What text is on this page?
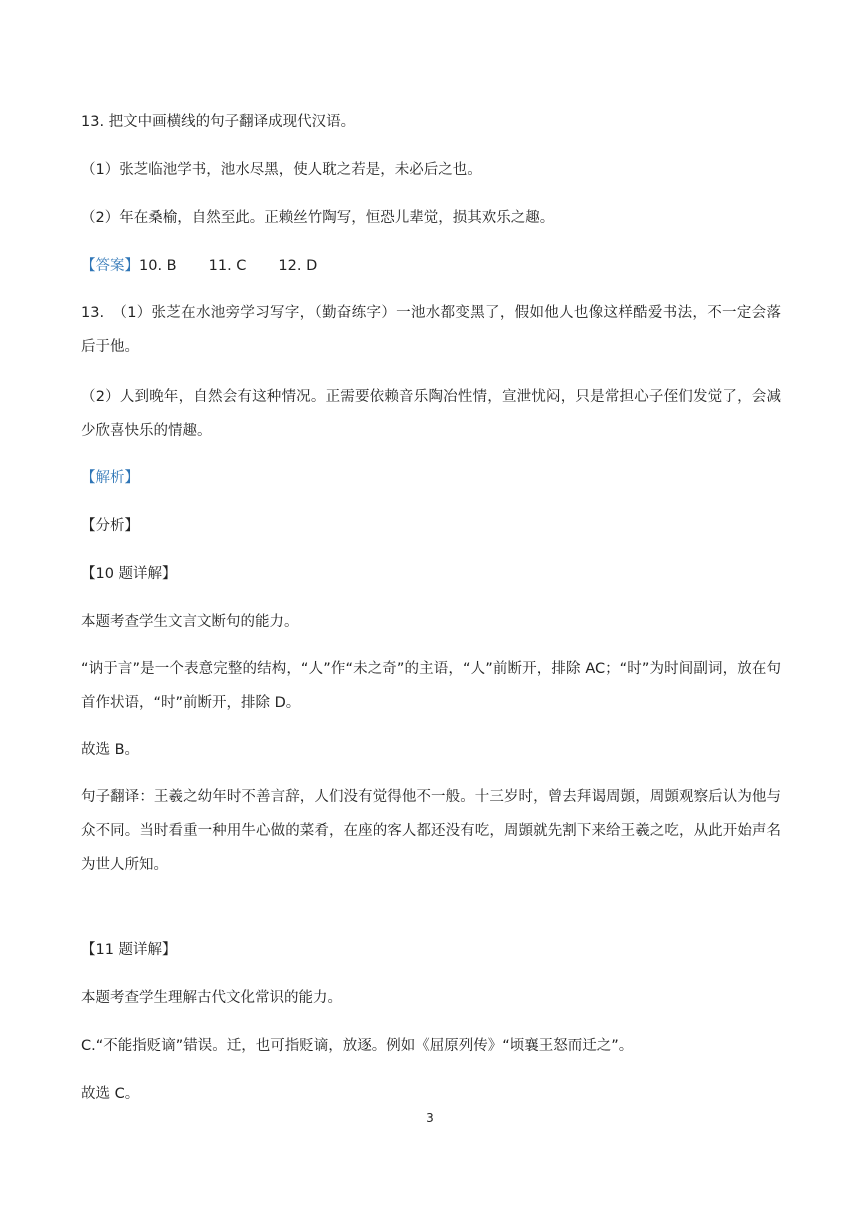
13. 把文中画横线的句子翻译成现代汉语。
（1）张芝临池学书，池水尽黑，使人耽之若是，未必后之也。
（2）年在桑榆，自然至此。正赖丝竹陶写，恒恐儿辈觉，损其欢乐之趣。
【答案】10. B 11. C 12. D
13. （1）张芝在水池旁学习写字，（勤奋练字）一池水都变黑了，假如他人也像这样酷爱书法，不一定会落后于他。
（2）人到晚年，自然会有这种情况。正需要依赖音乐陶冶性情，宣泄忧闷，只是常担心子侄们发觉了，会减少欣喜快乐的情趣。
【解析】
【分析】
【10 题详解】
本题考查学生文言文断句的能力。
“讷于言”是一个表意完整的结构，“人”作“未之奇”的主语，“人”前断开，排除 AC；“时”为时间副词，放在句首作状语，“时”前断开，排除 D。
故选 B。
句子翻译：王羲之幼年时不善言辞，人们没有觉得他不一般。十三岁时，曾去拜谒周顗，周顗观察后认为他与众不同。当时看重一种用牛心做的菜肴，在座的客人都还没有吃，周顗就先割下来给王羲之吃，从此开始声名为世人所知。
【11 题详解】
本题考查学生理解古代文化常识的能力。
C.“不能指贬谪”错误。迁，也可指贬谪，放逐。例如《屈原列传》“顷襄王怒而迁之”。
故选 C。
3
